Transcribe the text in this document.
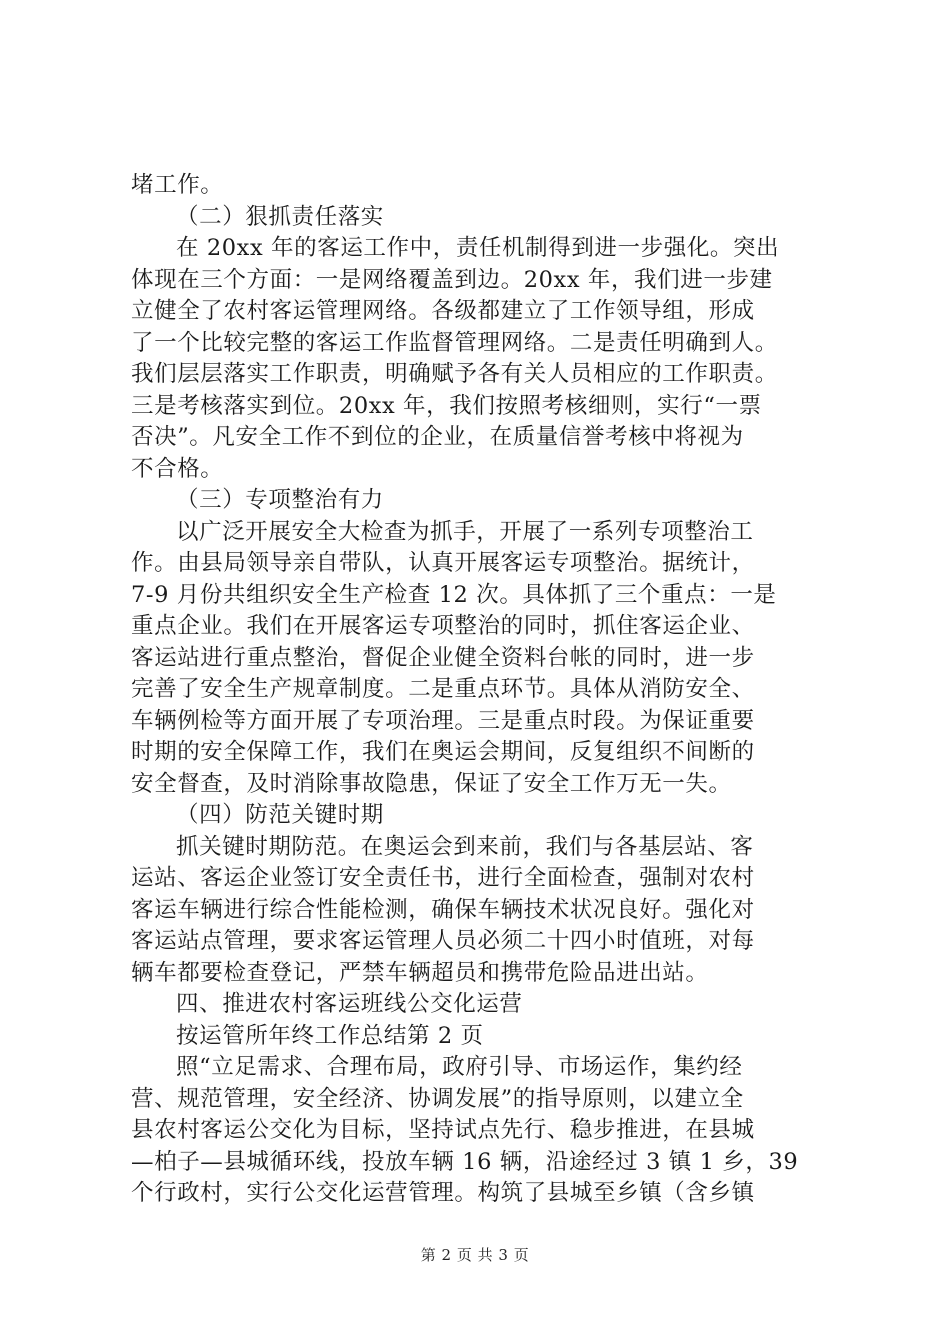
堵工作。
（二）狠抓责任落实
在 20xx 年的客运工作中，责任机制得到进一步强化。突出
体现在三个方面：一是网络覆盖到边。20xx 年，我们进一步建
立健全了农村客运管理网络。各级都建立了工作领导组，形成
了一个比较完整的客运工作监督管理网络。二是责任明确到人。
我们层层落实工作职责，明确赋予各有关人员相应的工作职责。
三是考核落实到位。20xx 年，我们按照考核细则，实行“一票
否决”。凡安全工作不到位的企业，在质量信誉考核中将视为
不合格。
（三）专项整治有力
以广泛开展安全大检查为抓手，开展了一系列专项整治工
作。由县局领导亲自带队，认真开展客运专项整治。据统计，
7-9 月份共组织安全生产检查 12 次。具体抓了三个重点：一是
重点企业。我们在开展客运专项整治的同时，抓住客运企业、
客运站进行重点整治，督促企业健全资料台帐的同时，进一步
完善了安全生产规章制度。二是重点环节。具体从消防安全、
车辆例检等方面开展了专项治理。三是重点时段。为保证重要
时期的安全保障工作，我们在奥运会期间，反复组织不间断的
安全督查，及时消除事故隐患，保证了安全工作万无一失。
（四）防范关键时期
抓关键时期防范。在奥运会到来前，我们与各基层站、客
运站、客运企业签订安全责任书，进行全面检查，强制对农村
客运车辆进行综合性能检测，确保车辆技术状况良好。强化对
客运站点管理，要求客运管理人员必须二十四小时值班，对每
辆车都要检查登记，严禁车辆超员和携带危险品进出站。
四、推进农村客运班线公交化运营
按运管所年终工作总结第 2 页
照“立足需求、合理布局，政府引导、市场运作，集约经
营、规范管理，安全经济、协调发展”的指导原则，以建立全
县农村客运公交化为目标，坚持试点先行、稳步推进，在县城
—柏子—县城循环线，投放车辆 16 辆，沿途经过 3 镇 1 乡，39
个行政村，实行公交化运营管理。构筑了县城至乡镇（含乡镇
第 2 页 共 3 页
